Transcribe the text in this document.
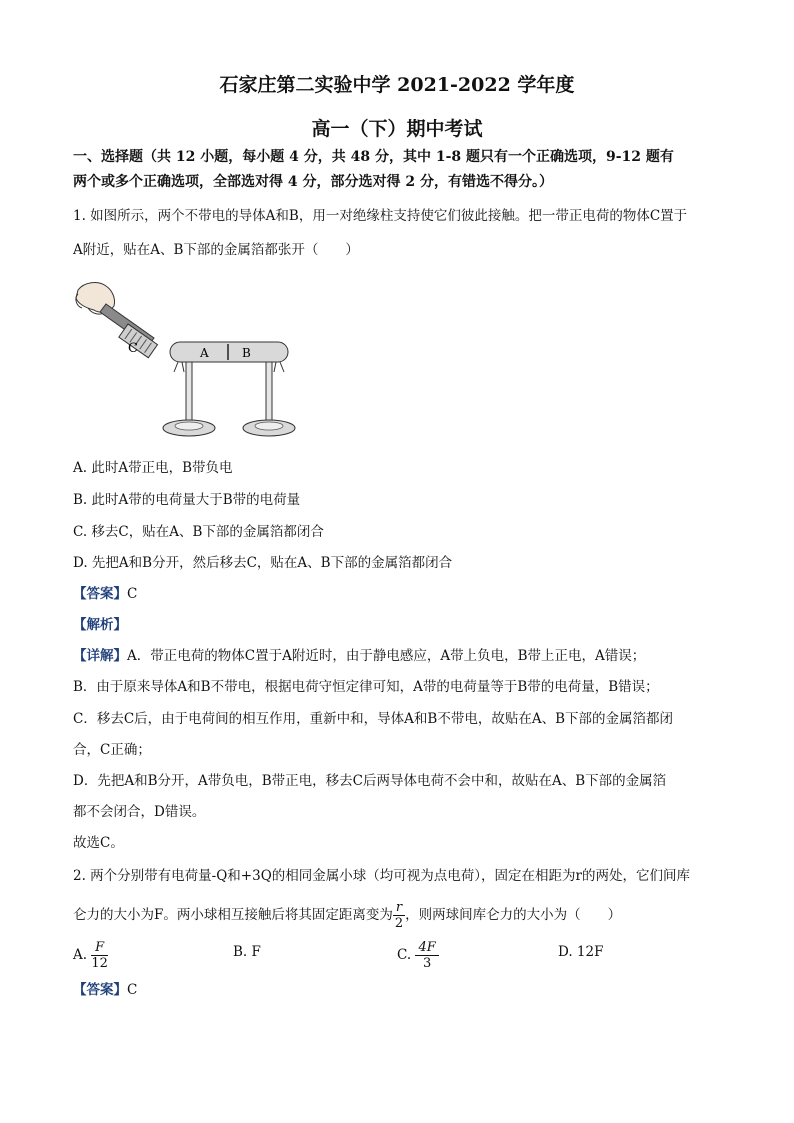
石家庄第二实验中学 2021-2022 学年度
高一（下）期中考试
一、选择题（共 12 小题，每小题 4 分，共 48 分，其中 1-8 题只有一个正确选项，9-12 题有
两个或多个正确选项，全部选对得 4 分，部分选对得 2 分，有错选不得分。）
1. 如图所示，两个不带电的导体A和B，用一对绝缘柱支持使它们彼此接触。把一带正电荷的物体C置于
A附近，贴在A、B下部的金属箔都张开（　　）
C	A	B
A. 此时A带正电，B带负电
B. 此时A带的电荷量大于B带的电荷量
C. 移去C，贴在A、B下部的金属箔都闭合
D. 先把A和B分开，然后移去C，贴在A、B下部的金属箔都闭合
【答案】C
【解析】
【详解】A．带正电荷的物体C置于A附近时，由于静电感应，A带上负电，B带上正电，A错误；
B．由于原来导体A和B不带电，根据电荷守恒定律可知，A带的电荷量等于B带的电荷量，B错误；
C．移去C后，由于电荷间的相互作用，重新中和，导体A和B不带电，故贴在A、B下部的金属箔都闭
合，C正确；
D．先把A和B分开，A带负电，B带正电，移去C后两导体电荷不会中和，故贴在A、B下部的金属箔
都不会闭合，D错误。
故选C。
2. 两个分别带有电荷量-Q和+3Q的相同金属小球（均可视为点电荷），固定在相距为r的两处，它们间库
仑力的大小为F。两小球相互接触后将其固定距离变为 $\frac{r}{2}$ ，则两球间库仑力的大小为（　　）
A. $\frac{F}{12}$	B. F	C. $\frac{4F}{3}$	D. 12F
【答案】C
